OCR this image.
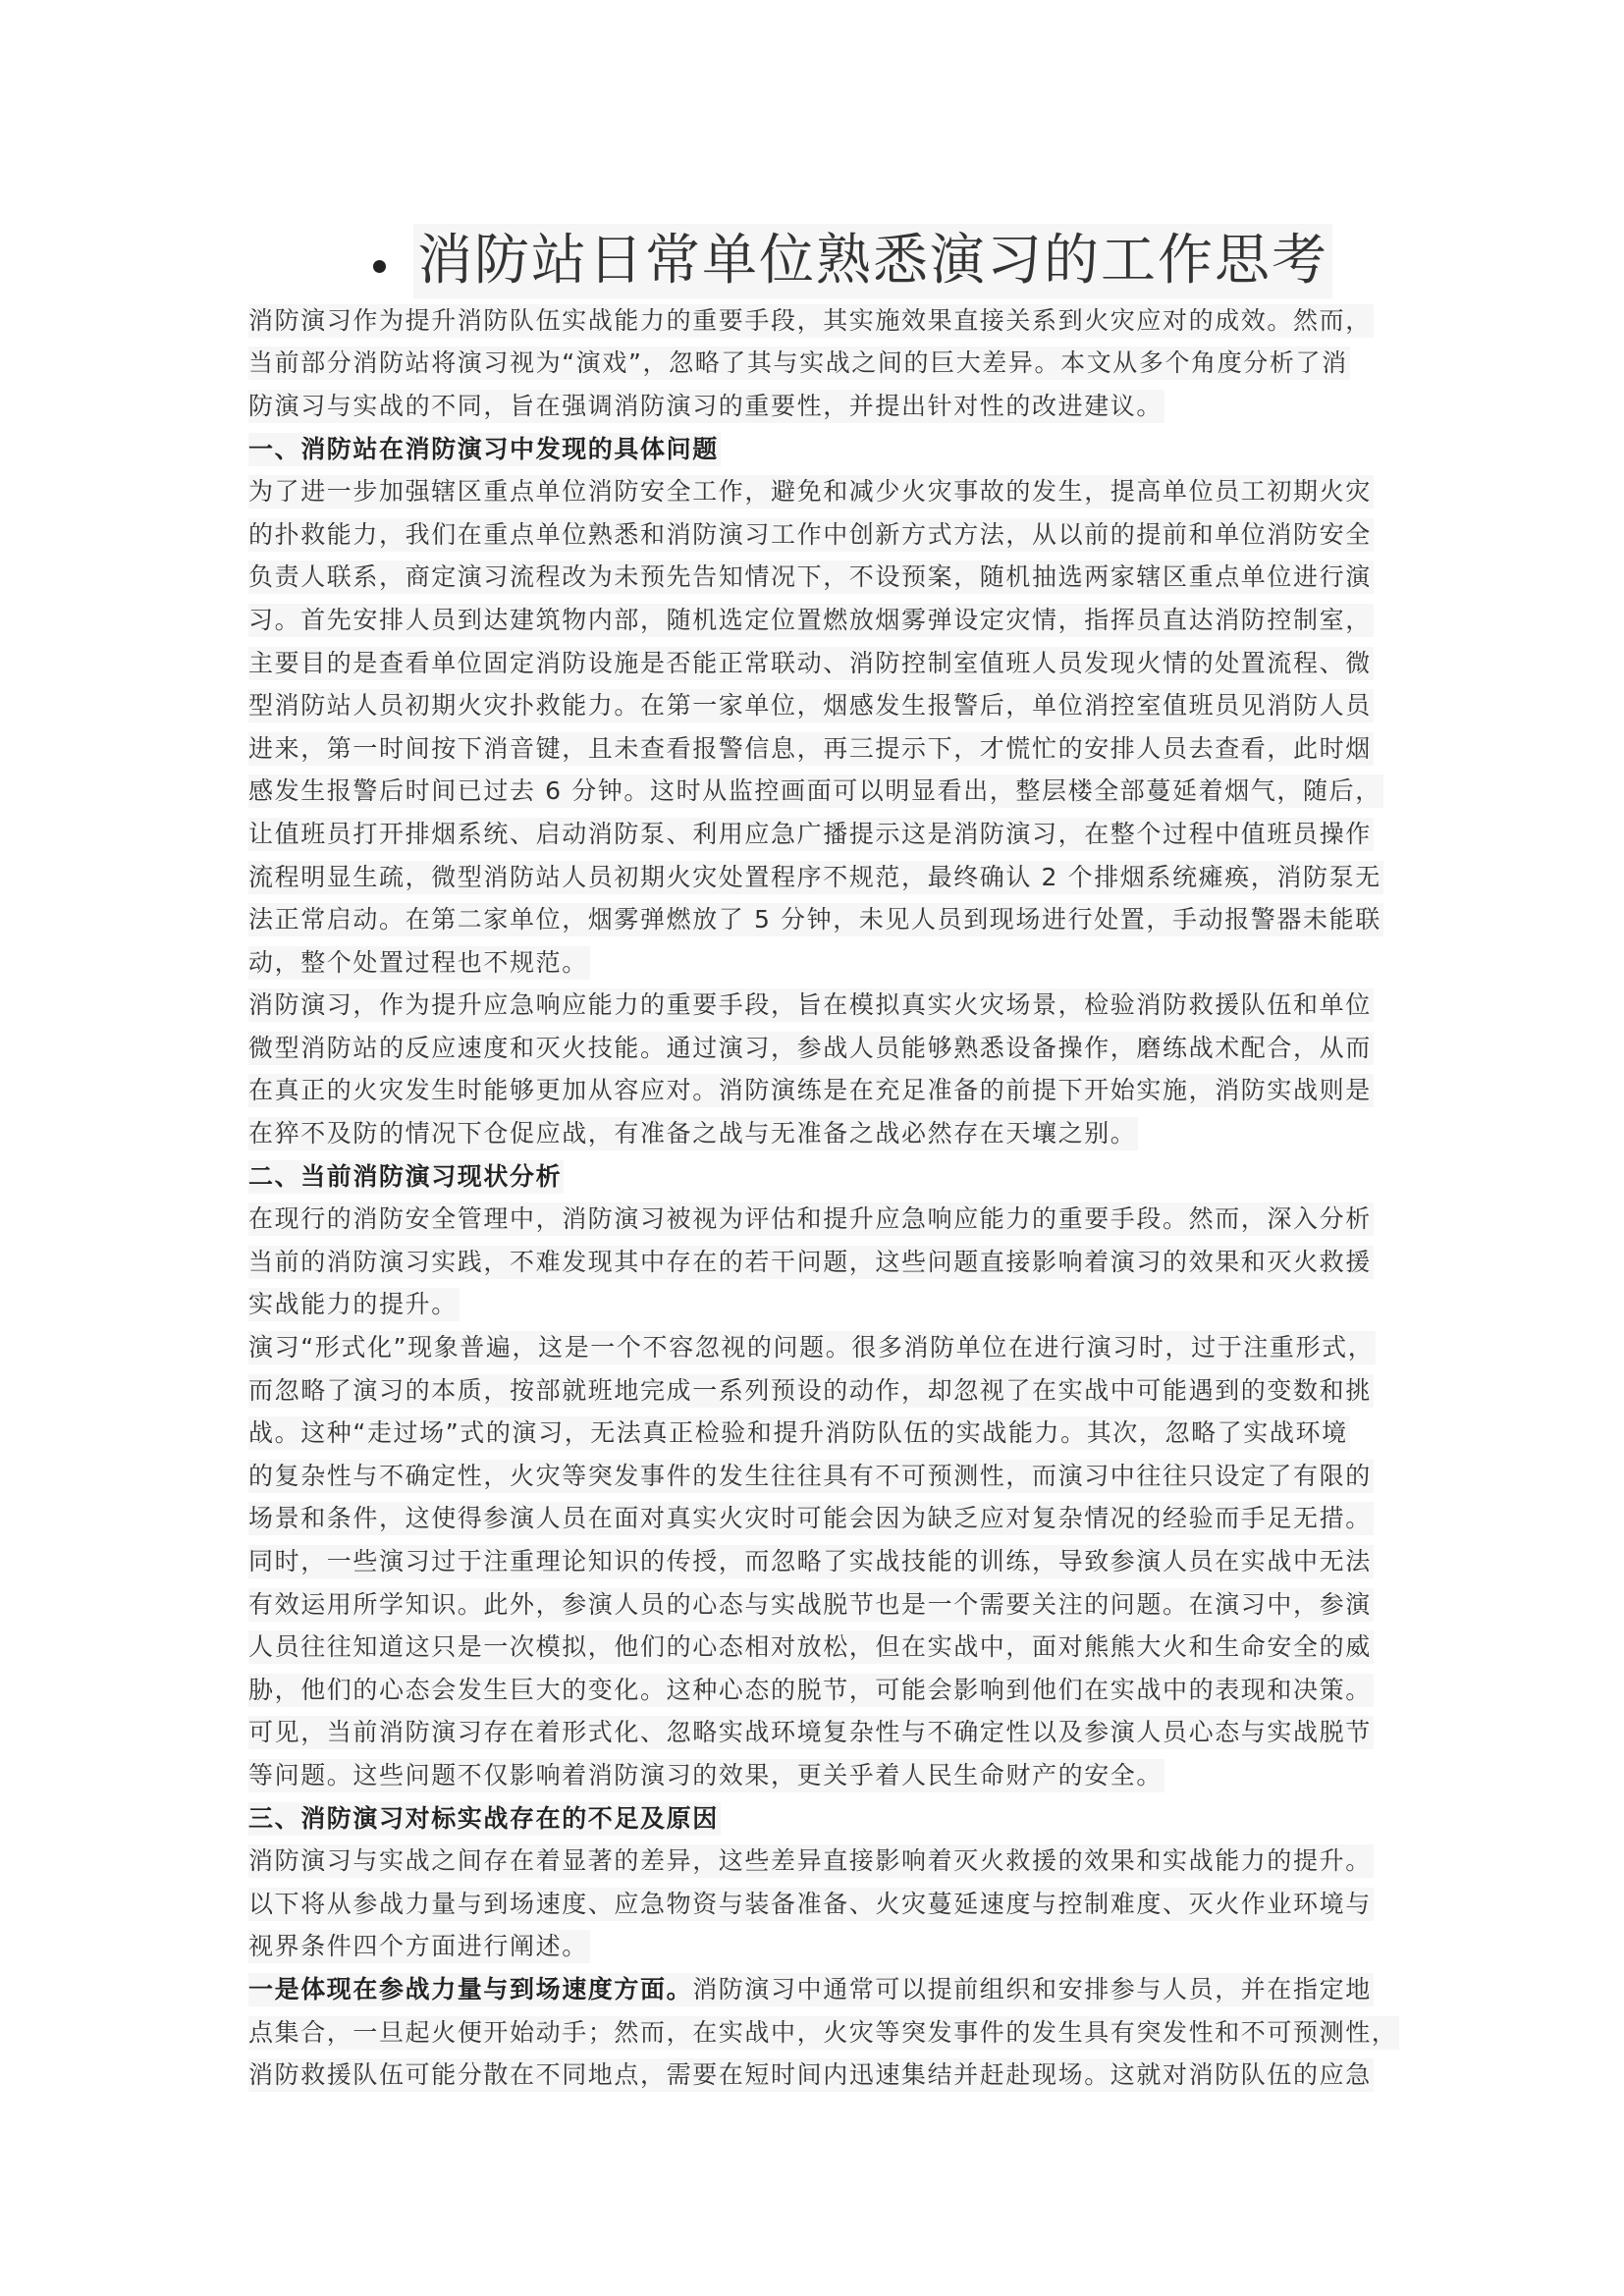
消防站日常单位熟悉演习的工作思考
消防演习作为提升消防队伍实战能力的重要手段，其实施效果直接关系到火灾应对的成效。然而，
当前部分消防站将演习视为“演戏”，忽略了其与实战之间的巨大差异。本文从多个角度分析了消
防演习与实战的不同，旨在强调消防演习的重要性，并提出针对性的改进建议。
一、消防站在消防演习中发现的具体问题
为了进一步加强辖区重点单位消防安全工作，避免和减少火灾事故的发生，提高单位员工初期火灾
的扑救能力，我们在重点单位熟悉和消防演习工作中创新方式方法，从以前的提前和单位消防安全
负责人联系，商定演习流程改为未预先告知情况下，不设预案，随机抽选两家辖区重点单位进行演
习。首先安排人员到达建筑物内部，随机选定位置燃放烟雾弹设定灾情，指挥员直达消防控制室，
主要目的是查看单位固定消防设施是否能正常联动、消防控制室值班人员发现火情的处置流程、微
型消防站人员初期火灾扑救能力。在第一家单位，烟感发生报警后，单位消控室值班员见消防人员
进来，第一时间按下消音键，且未查看报警信息，再三提示下，才慌忙的安排人员去查看，此时烟
感发生报警后时间已过去 6 分钟。这时从监控画面可以明显看出，整层楼全部蔓延着烟气，随后，
让值班员打开排烟系统、启动消防泵、利用应急广播提示这是消防演习，在整个过程中值班员操作
流程明显生疏，微型消防站人员初期火灾处置程序不规范，最终确认 2 个排烟系统瘫痪，消防泵无
法正常启动。在第二家单位，烟雾弹燃放了 5 分钟，未见人员到现场进行处置，手动报警器未能联
动，整个处置过程也不规范。
消防演习，作为提升应急响应能力的重要手段，旨在模拟真实火灾场景，检验消防救援队伍和单位
微型消防站的反应速度和灭火技能。通过演习，参战人员能够熟悉设备操作，磨练战术配合，从而
在真正的火灾发生时能够更加从容应对。消防演练是在充足准备的前提下开始实施，消防实战则是
在猝不及防的情况下仓促应战，有准备之战与无准备之战必然存在天壤之别。
二、当前消防演习现状分析
在现行的消防安全管理中，消防演习被视为评估和提升应急响应能力的重要手段。然而，深入分析
当前的消防演习实践，不难发现其中存在的若干问题，这些问题直接影响着演习的效果和灭火救援
实战能力的提升。
演习“形式化”现象普遍，这是一个不容忽视的问题。很多消防单位在进行演习时，过于注重形式，
而忽略了演习的本质，按部就班地完成一系列预设的动作，却忽视了在实战中可能遇到的变数和挑
战。这种“走过场”式的演习，无法真正检验和提升消防队伍的实战能力。其次，忽略了实战环境
的复杂性与不确定性，火灾等突发事件的发生往往具有不可预测性，而演习中往往只设定了有限的
场景和条件，这使得参演人员在面对真实火灾时可能会因为缺乏应对复杂情况的经验而手足无措。
同时，一些演习过于注重理论知识的传授，而忽略了实战技能的训练，导致参演人员在实战中无法
有效运用所学知识。此外，参演人员的心态与实战脱节也是一个需要关注的问题。在演习中，参演
人员往往知道这只是一次模拟，他们的心态相对放松，但在实战中，面对熊熊大火和生命安全的威
胁，他们的心态会发生巨大的变化。这种心态的脱节，可能会影响到他们在实战中的表现和决策。
可见，当前消防演习存在着形式化、忽略实战环境复杂性与不确定性以及参演人员心态与实战脱节
等问题。这些问题不仅影响着消防演习的效果，更关乎着人民生命财产的安全。
三、消防演习对标实战存在的不足及原因
消防演习与实战之间存在着显著的差异，这些差异直接影响着灭火救援的效果和实战能力的提升。
以下将从参战力量与到场速度、应急物资与装备准备、火灾蔓延速度与控制难度、灭火作业环境与
视界条件四个方面进行阐述。
一是体现在参战力量与到场速度方面。消防演习中通常可以提前组织和安排参与人员，并在指定地
点集合，一旦起火便开始动手；然而，在实战中，火灾等突发事件的发生具有突发性和不可预测性，
消防救援队伍可能分散在不同地点，需要在短时间内迅速集结并赶赴现场。这就对消防队伍的应急
